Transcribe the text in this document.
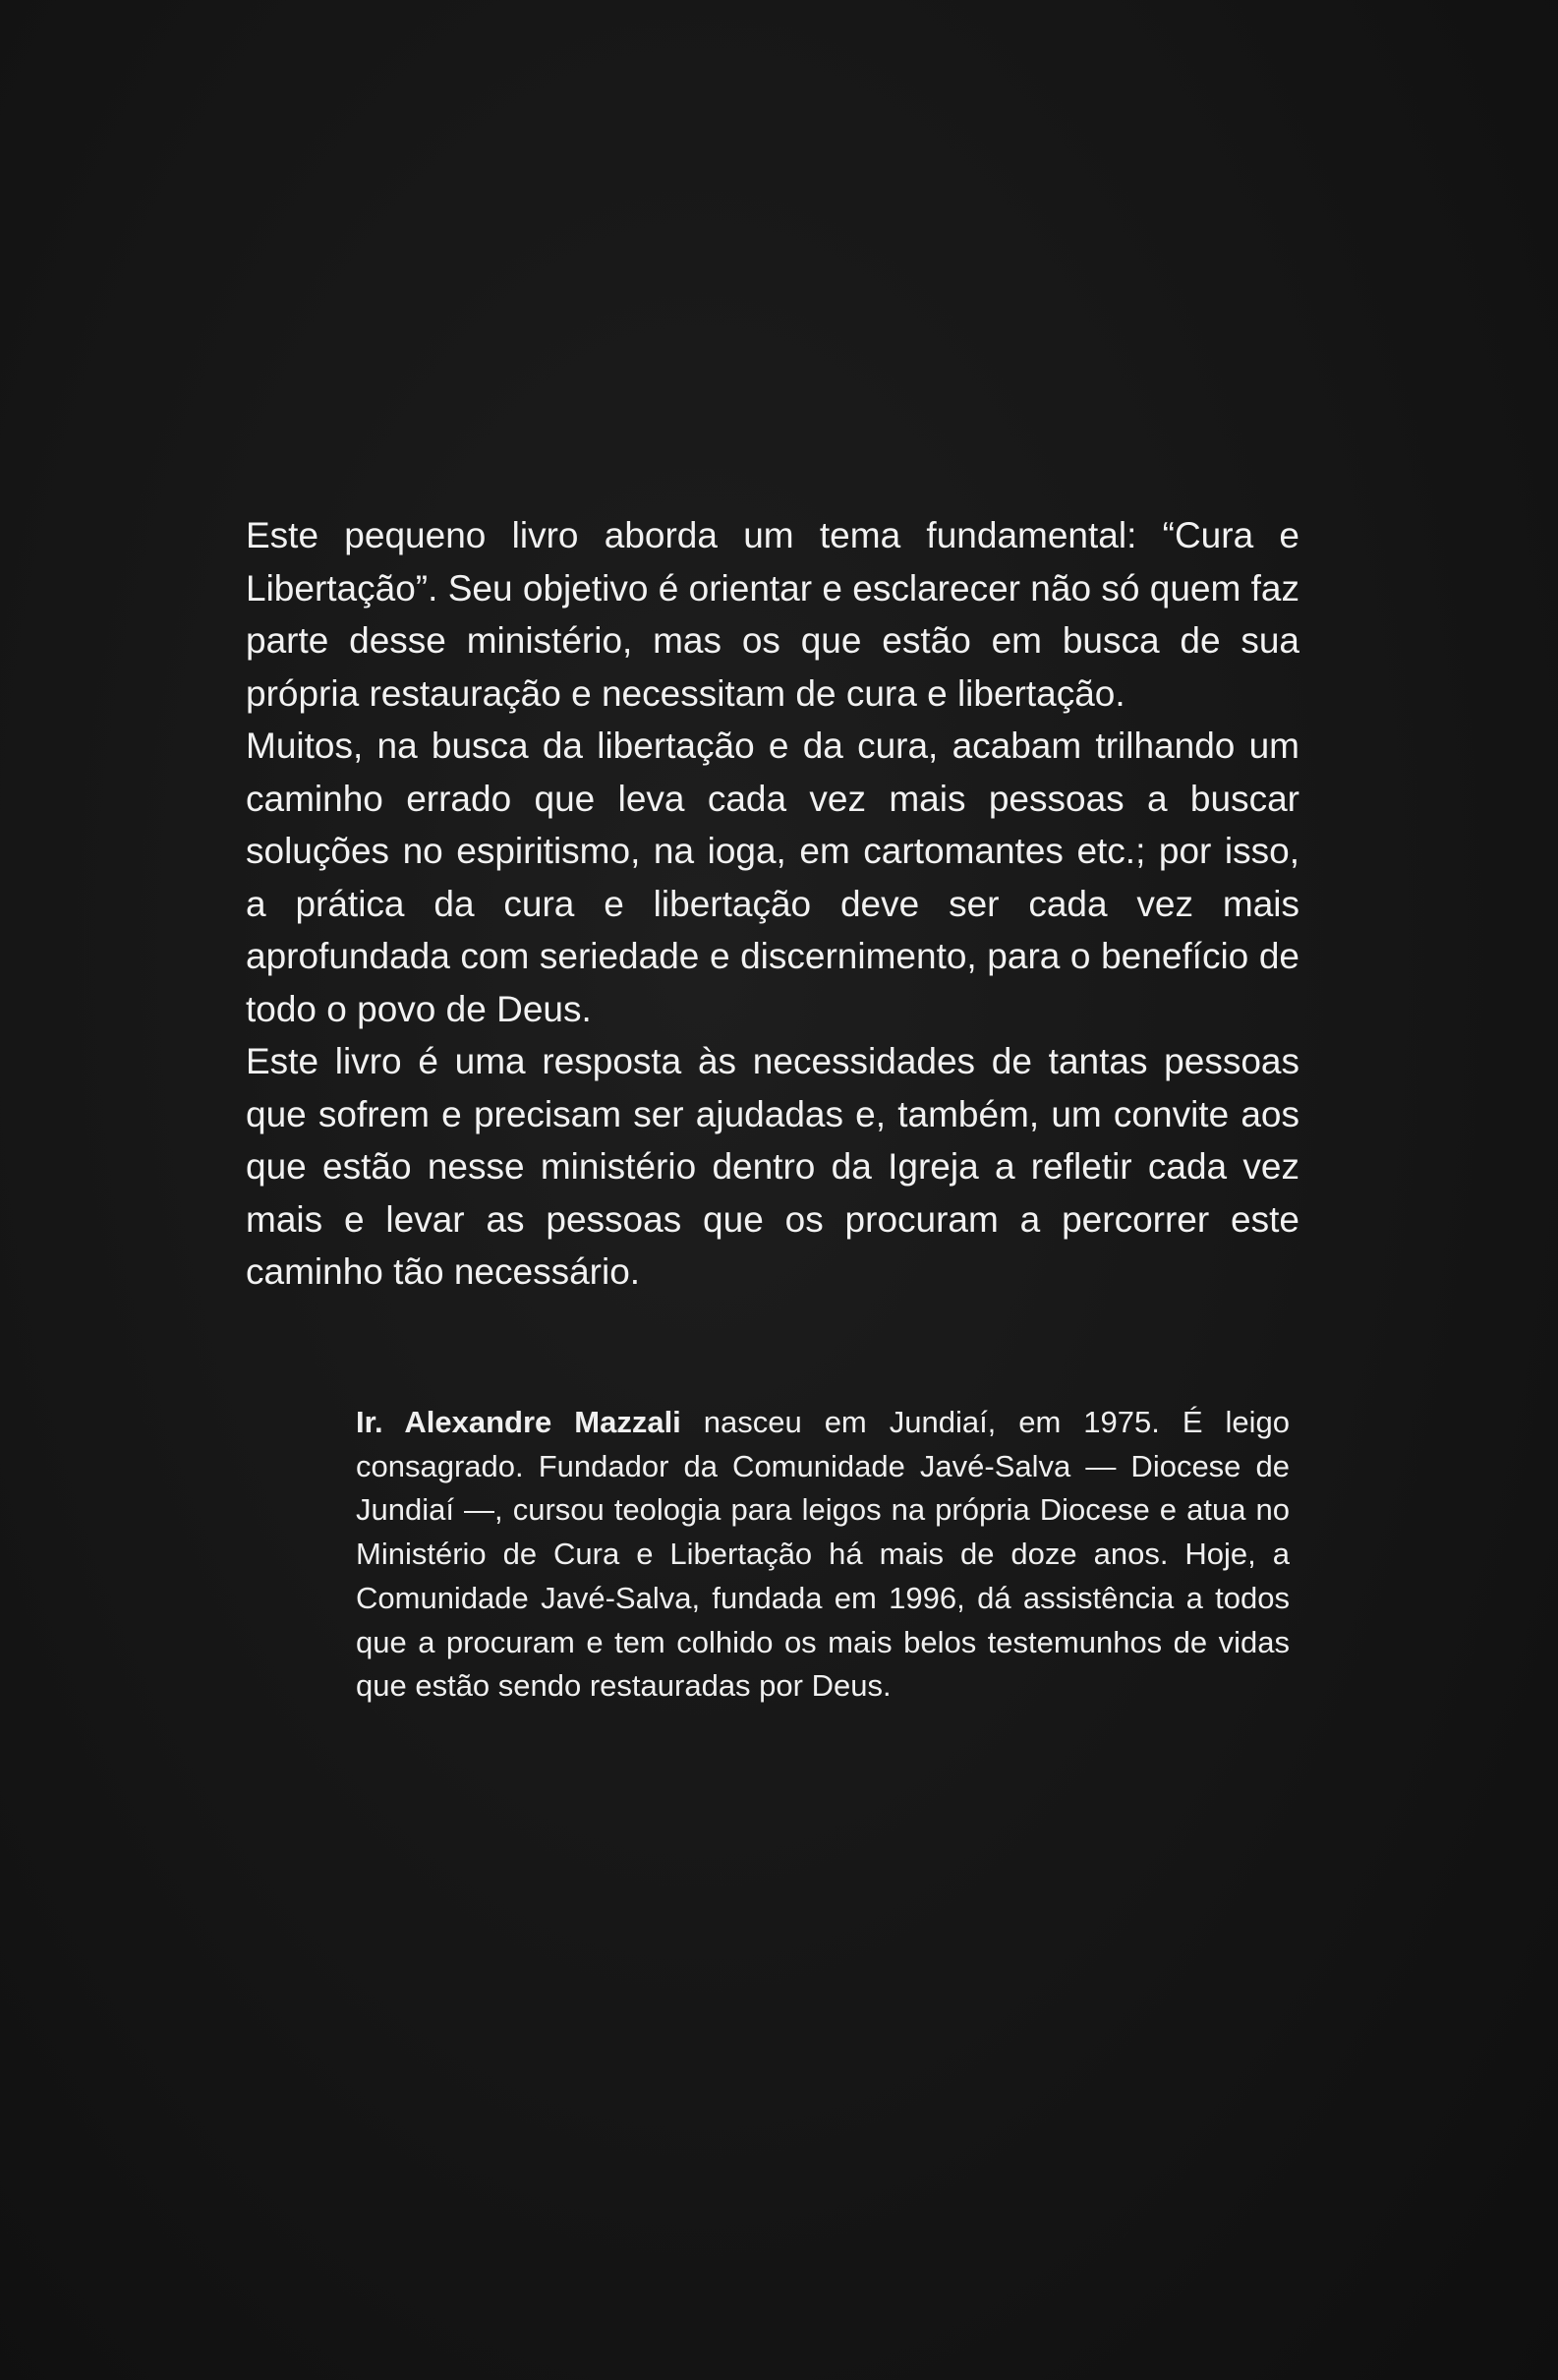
Este pequeno livro aborda um tema fundamental: “Cura e Libertação”. Seu objetivo é orientar e esclarecer não só quem faz parte desse ministério, mas os que estão em busca de sua própria restauração e necessitam de cura e libertação.

Muitos, na busca da libertação e da cura, acabam trilhando um caminho errado que leva cada vez mais pessoas a buscar soluções no espiritismo, na ioga, em cartomantes etc.; por isso, a prática da cura e libertação deve ser cada vez mais aprofundada com seriedade e discernimento, para o benefício de todo o povo de Deus.

Este livro é uma resposta às necessidades de tantas pessoas que sofrem e precisam ser ajudadas e, também, um convite aos que estão nesse ministério dentro da Igreja a refletir cada vez mais e levar as pessoas que os procuram a percorrer este caminho tão necessário.

Ir. Alexandre Mazzali nasceu em Jundiaí, em 1975. É leigo consagrado. Fundador da Comunidade Javé-Salva — Diocese de Jundiaí —, cursou teologia para leigos na própria Diocese e atua no Ministério de Cura e Libertação há mais de doze anos. Hoje, a Comunidade Javé-Salva, fundada em 1996, dá assistência a todos que a procuram e tem colhido os mais belos testemunhos de vidas que estão sendo restauradas por Deus.
